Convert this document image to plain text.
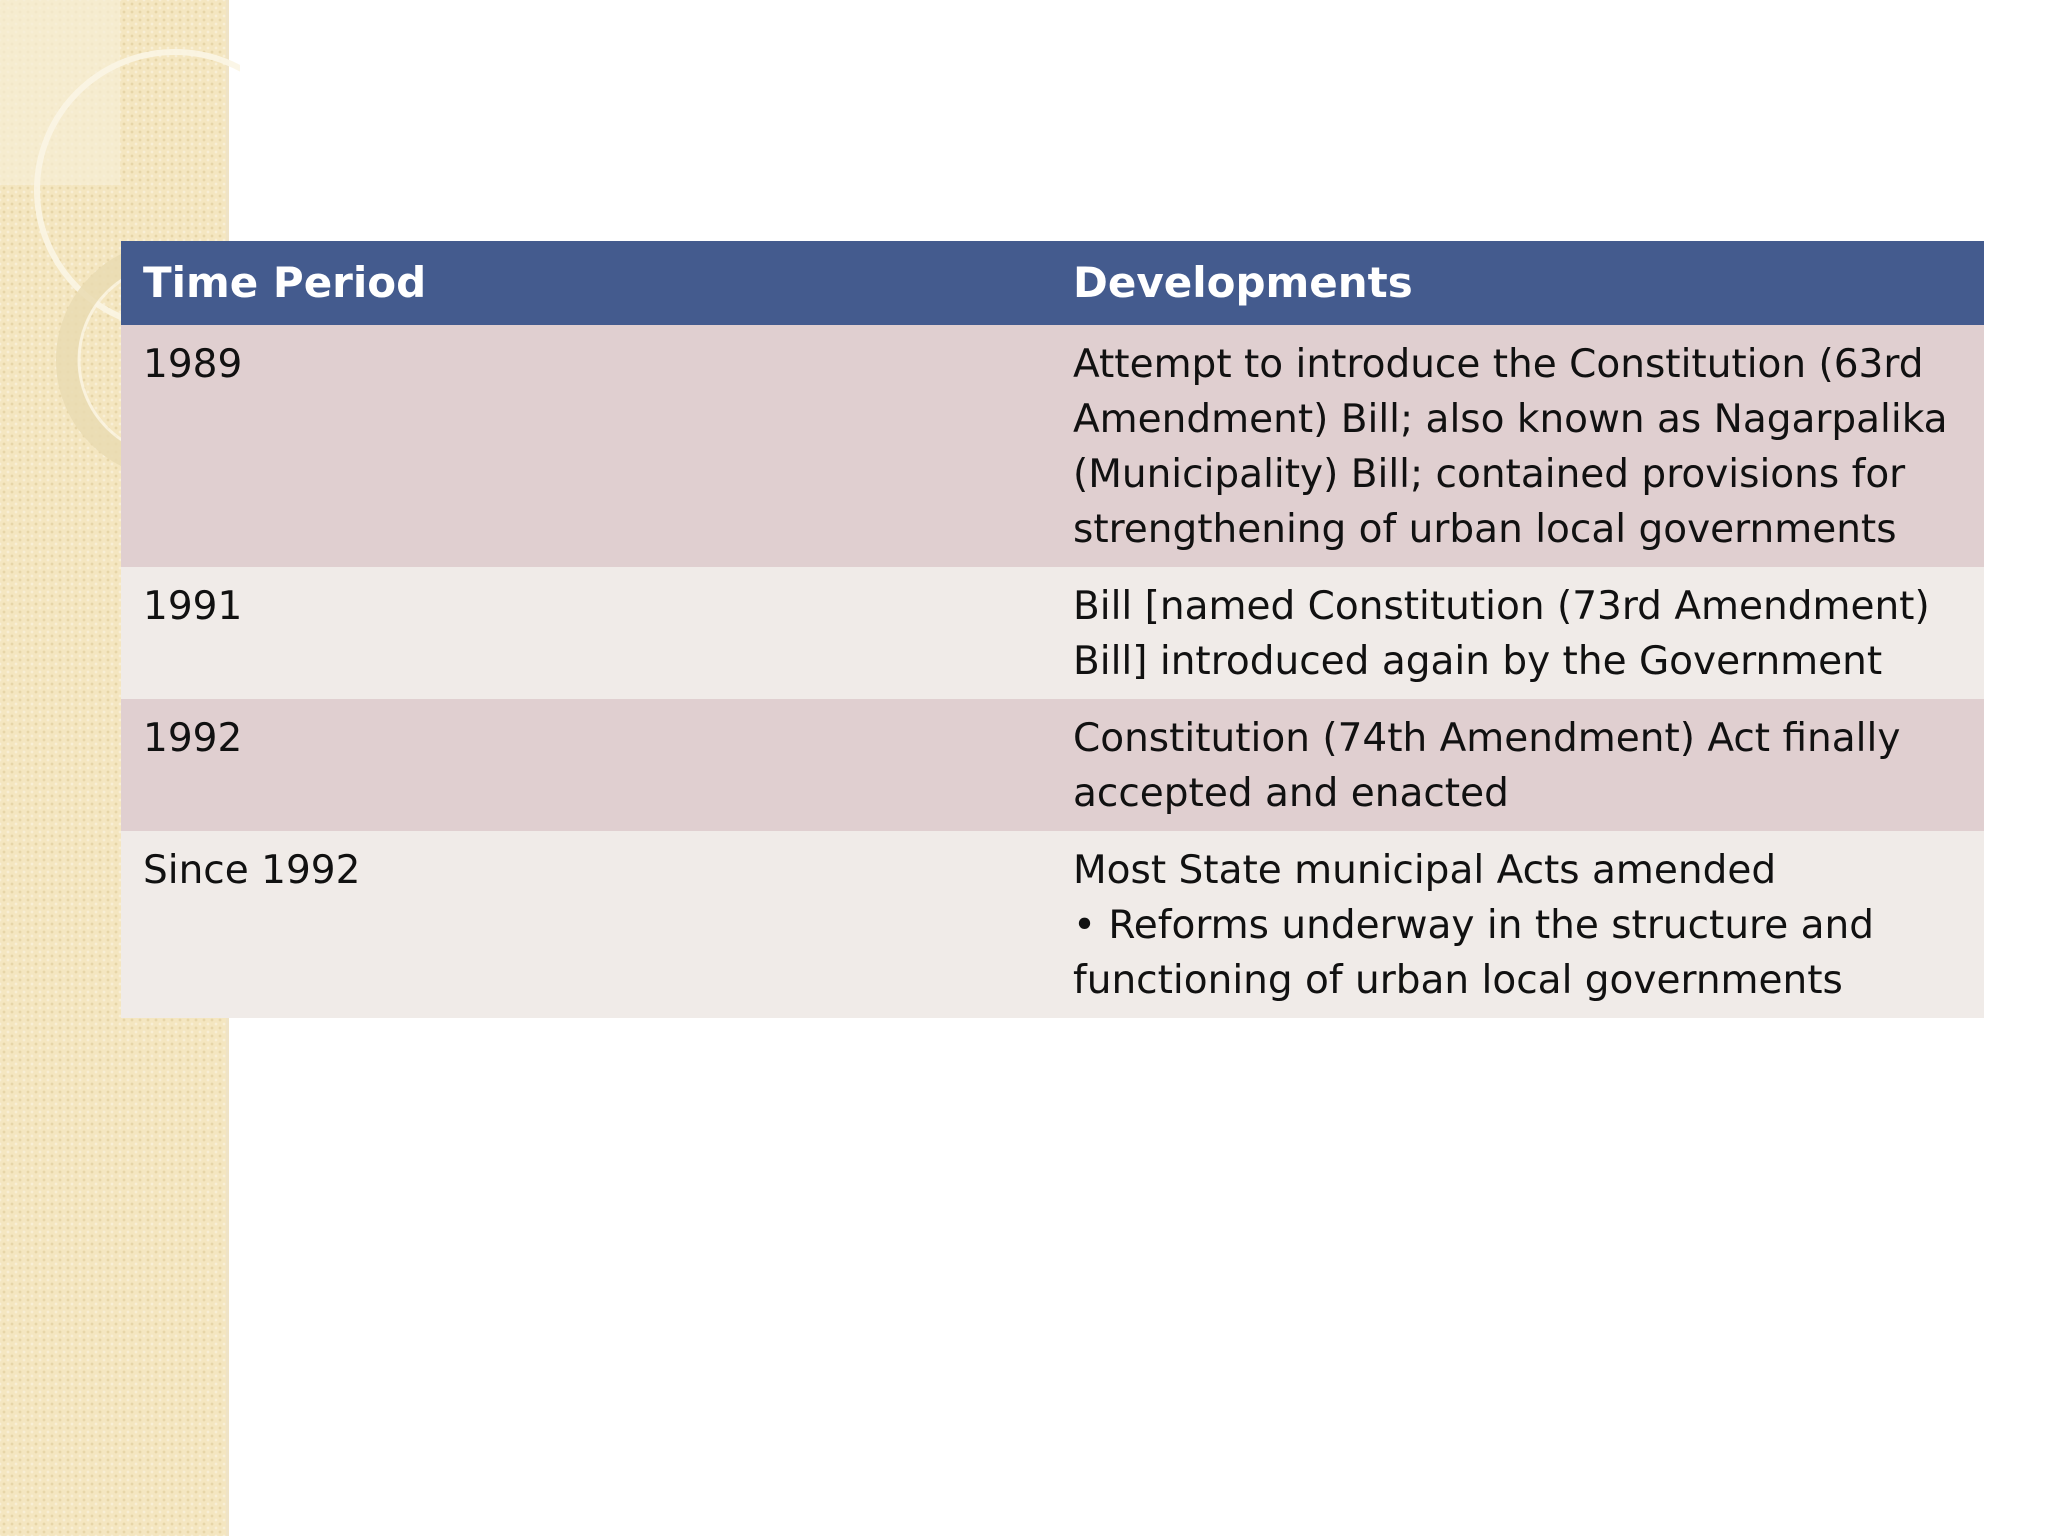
Time Period	Developments
1989	Attempt to introduce the Constitution (63rd Amendment) Bill; also known as Nagarpalika (Municipality) Bill; contained provisions for strengthening of urban local governments

1991	Bill [named Constitution (73rd Amendment) Bill] introduced again by the Government

1992	Constitution (74th Amendment) Act finally accepted and enacted

Since 1992	Most State municipal Acts amended
• Reforms underway in the structure and functioning of urban local governments
